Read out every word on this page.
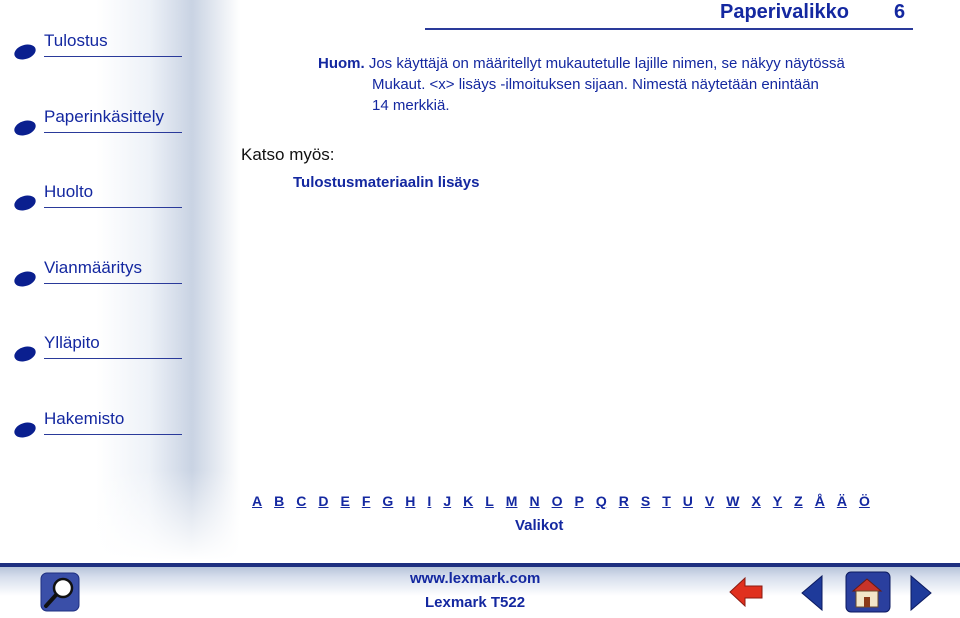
Tulostus
Paperinkäsittely
Huolto
Vianmääritys
Ylläpito
Hakemisto
Paperivalikko 6
Huom. Jos käyttäjä on määritellyt mukautetulle lajille nimen, se näkyy näytössä
Mukaut. <x> lisäys -ilmoituksen sijaan. Nimestä näytetään enintään
14 merkkiä.
Katso myös:
Tulostusmateriaalin lisäys
A B C D E F G H I J K L M N O P Q R S T U V W X Y Z Å Ä Ö
Valikot
www.lexmark.com
Lexmark T522
